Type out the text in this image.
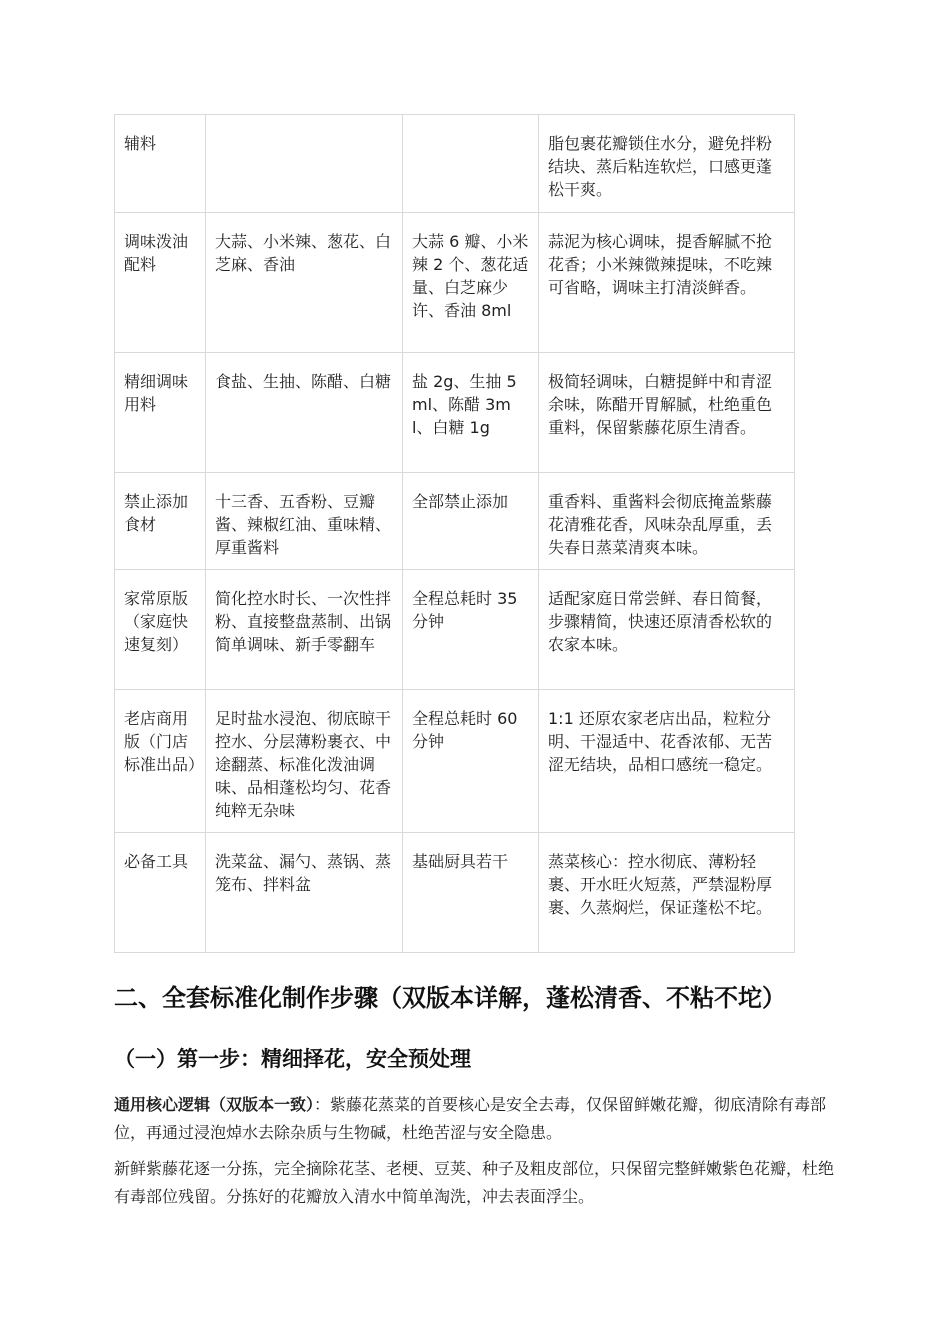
辅料			脂包裹花瓣锁住水分，避免拌粉结块、蒸后粘连软烂，口感更蓬松干爽。
调味泼油配料	大蒜、小米辣、葱花、白芝麻、香油	大蒜 6 瓣、小米辣 2 个、葱花适量、白芝麻少许、香油 8ml	蒜泥为核心调味，提香解腻不抢花香；小米辣微辣提味，不吃辣可省略，调味主打清淡鲜香。
精细调味用料	食盐、生抽、陈醋、白糖	盐 2g、生抽 5ml、陈醋 3ml、白糖 1g	极简轻调味，白糖提鲜中和青涩余味，陈醋开胃解腻，杜绝重色重料，保留紫藤花原生清香。
禁止添加食材	十三香、五香粉、豆瓣酱、辣椒红油、重味精、厚重酱料	全部禁止添加	重香料、重酱料会彻底掩盖紫藤花清雅花香，风味杂乱厚重，丢失春日蒸菜清爽本味。
家常原版（家庭快速复刻）	简化控水时长、一次性拌粉、直接整盘蒸制、出锅简单调味、新手零翻车	全程总耗时 35 分钟	适配家庭日常尝鲜、春日简餐，步骤精简，快速还原清香松软的农家本味。
老店商用版（门店标准出品）	足时盐水浸泡、彻底晾干控水、分层薄粉裹衣、中途翻蒸、标准化泼油调味、品相蓬松均匀、花香纯粹无杂味	全程总耗时 60 分钟	1:1 还原农家老店出品，粒粒分明、干湿适中、花香浓郁、无苦涩无结块，品相口感统一稳定。
必备工具	洗菜盆、漏勺、蒸锅、蒸笼布、拌料盆	基础厨具若干	蒸菜核心：控水彻底、薄粉轻裹、开水旺火短蒸，严禁湿粉厚裹、久蒸焖烂，保证蓬松不坨。
二、全套标准化制作步骤（双版本详解，蓬松清香、不粘不坨）
（一）第一步：精细择花，安全预处理

通用核心逻辑（双版本一致）：紫藤花蒸菜的首要核心是安全去毒，仅保留鲜嫩花瓣，彻底清除有毒部位，再通过浸泡焯水去除杂质与生物碱，杜绝苦涩与安全隐患。

新鲜紫藤花逐一分拣，完全摘除花茎、老梗、豆荚、种子及粗皮部位，只保留完整鲜嫩紫色花瓣，杜绝有毒部位残留。分拣好的花瓣放入清水中简单淘洗，冲去表面浮尘。
